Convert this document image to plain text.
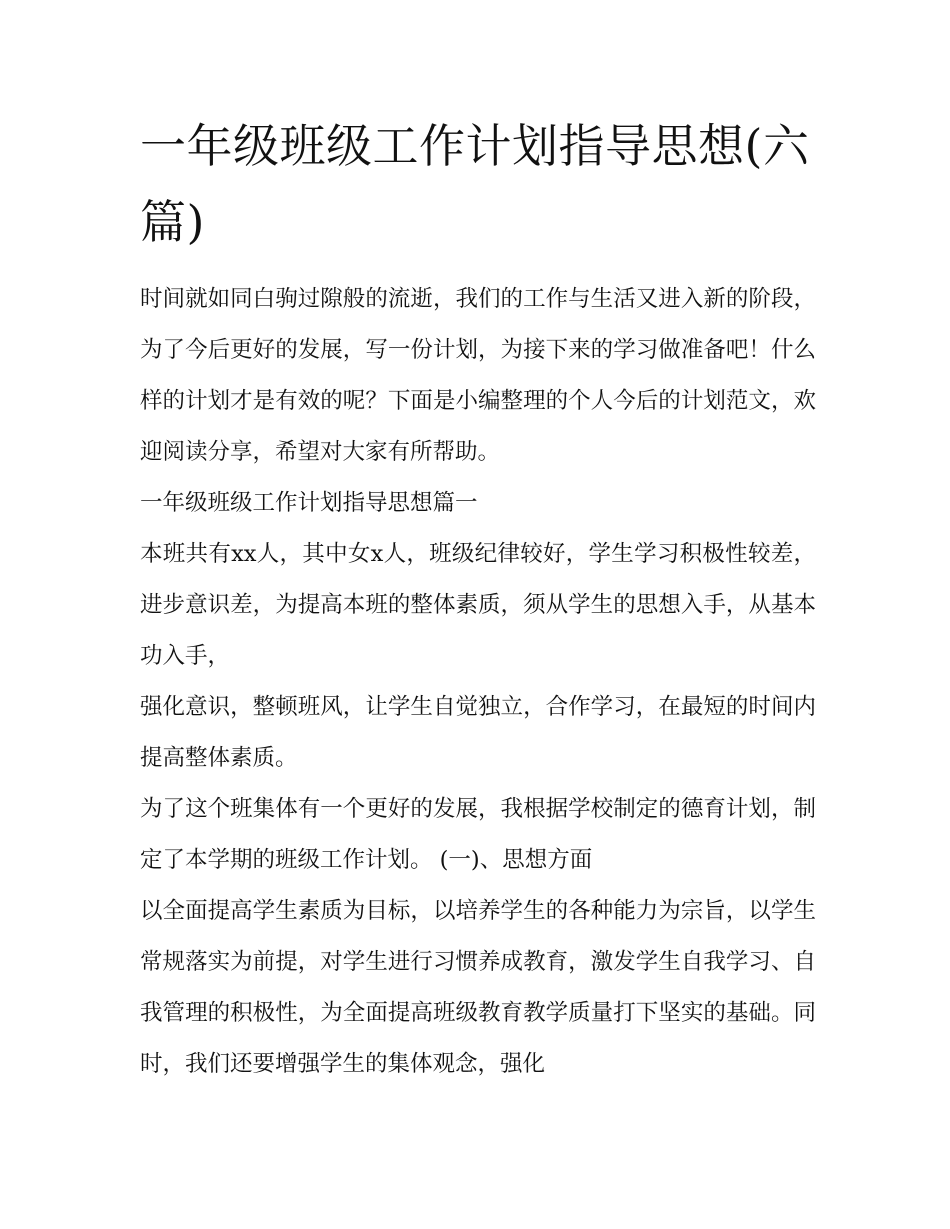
一年级班级工作计划指导思想(六篇)

时间就如同白驹过隙般的流逝，我们的工作与生活又进入新的阶段，为了今后更好的发展，写一份计划，为接下来的学习做准备吧！什么样的计划才是有效的呢？下面是小编整理的个人今后的计划范文，欢迎阅读分享，希望对大家有所帮助。

一年级班级工作计划指导思想篇一

本班共有xx人，其中女x人，班级纪律较好，学生学习积极性较差，进步意识差，为提高本班的整体素质，须从学生的思想入手，从基本功入手，

强化意识，整顿班风，让学生自觉独立，合作学习，在最短的时间内提高整体素质。

为了这个班集体有一个更好的发展，我根据学校制定的德育计划，制定了本学期的班级工作计划。 (一)、思想方面

以全面提高学生素质为目标，以培养学生的各种能力为宗旨，以学生常规落实为前提，对学生进行习惯养成教育，激发学生自我学习、自我管理的积极性，为全面提高班级教育教学质量打下坚实的基础。同时，我们还要增强学生的集体观念，强化
